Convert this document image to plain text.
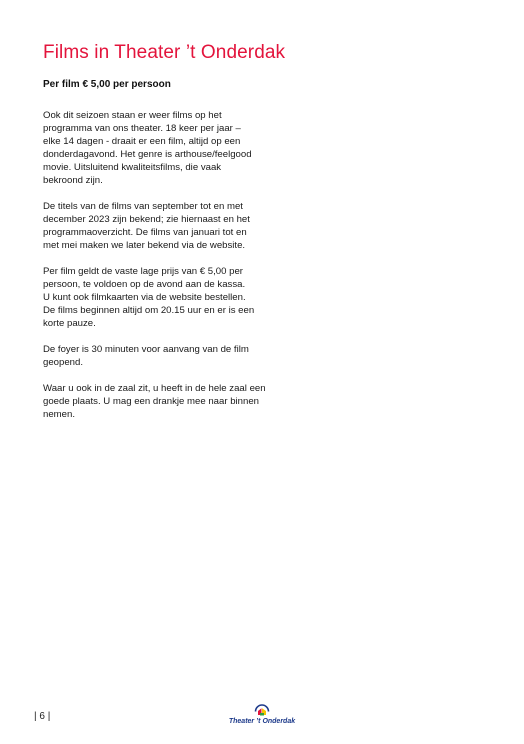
Films in Theater ’t Onderdak

Per film € 5,00 per persoon

Ook dit seizoen staan er weer films op het
programma van ons theater. 18 keer per jaar –
elke 14 dagen - draait er een film, altijd op een
donderdagavond. Het genre is arthouse/feelgood
movie. Uitsluitend kwaliteitsfilms, die vaak
bekroond zijn.

De titels van de films van september tot en met
december 2023 zijn bekend; zie hiernaast en het
programmaoverzicht. De films van januari tot en
met mei maken we later bekend via de website.

Per film geldt de vaste lage prijs van € 5,00 per
persoon, te voldoen op de avond aan de kassa.
U kunt ook filmkaarten via de website bestellen.
De films beginnen altijd om 20.15 uur en er is een
korte pauze.

De foyer is 30 minuten voor aanvang van de film
geopend.

Waar u ook in de zaal zit, u heeft in de hele zaal een
goede plaats. U mag een drankje mee naar binnen
nemen.

| 6 |	Theater ’t Onderdak
